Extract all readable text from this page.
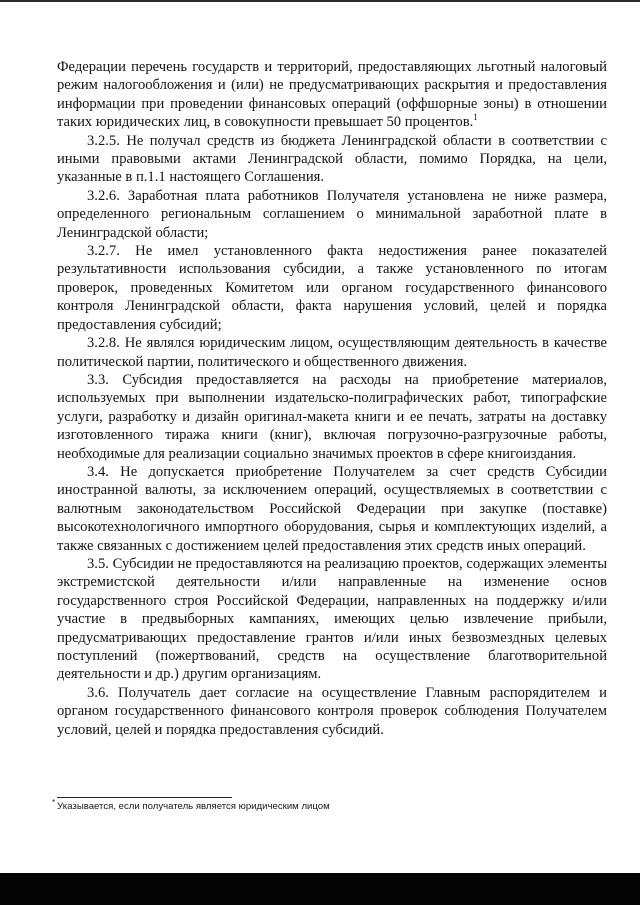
Федерации перечень государств и территорий, предоставляющих льготный налоговый режим налогообложения и (или) не предусматривающих раскрытия и предоставления информации при проведении финансовых операций (оффшорные зоны) в отношении таких юридических лиц, в совокупности превышает 50 процентов.$^1$

3.2.5. Не получал средств из бюджета Ленинградской области в соответствии с иными правовыми актами Ленинградской области, помимо Порядка, на цели, указанные в п.1.1 настоящего Соглашения.

3.2.6. Заработная плата работников Получателя установлена не ниже размера, определенного региональным соглашением о минимальной заработной плате в Ленинградской области;

3.2.7. Не имел установленного факта недостижения ранее показателей результативности использования субсидии, а также установленного по итогам проверок, проведенных Комитетом или органом государственного финансового контроля Ленинградской области, факта нарушения условий, целей и порядка предоставления субсидий;

3.2.8. Не являлся юридическим лицом, осуществляющим деятельность в качестве политической партии, политического и общественного движения.

3.3. Субсидия предоставляется на расходы на приобретение материалов, используемых при выполнении издательско-полиграфических работ, типографские услуги, разработку и дизайн оригинал-макета книги и ее печать, затраты на доставку изготовленного тиража книги (книг), включая погрузочно-разгрузочные работы, необходимые для реализации социально значимых проектов в сфере книгоиздания.

3.4. Не допускается приобретение Получателем за счет средств Субсидии иностранной валюты, за исключением операций, осуществляемых в соответствии с валютным законодательством Российской Федерации при закупке (поставке) высокотехнологичного импортного оборудования, сырья и комплектующих изделий, а также связанных с достижением целей предоставления этих средств иных операций.

3.5. Субсидии не предоставляются на реализацию проектов, содержащих элементы экстремистской деятельности и/или направленные на изменение основ государственного строя Российской Федерации, направленных на поддержку и/или участие в предвыборных кампаниях, имеющих целью извлечение прибыли, предусматривающих предоставление грантов и/или иных безвозмездных целевых поступлений (пожертвований, средств на осуществление благотворительной деятельности и др.) другим организациям.

3.6. Получатель дает согласие на осуществление Главным распорядителем и органом государственного финансового контроля проверок соблюдения Получателем условий, целей и порядка предоставления субсидий.

* Указывается, если получатель является юридическим лицом
